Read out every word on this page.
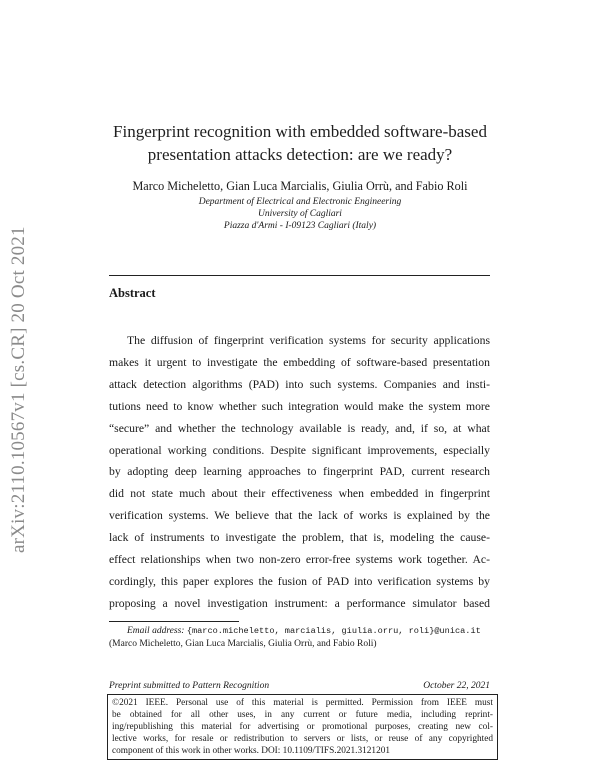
arXiv:2110.10567v1 [cs.CR] 20 Oct 2021
Fingerprint recognition with embedded software-based
presentation attacks detection: are we ready?
Marco Micheletto, Gian Luca Marcialis, Giulia Orrù, and Fabio Roli
Department of Electrical and Electronic Engineering
University of Cagliari
Piazza d'Armi - I-09123 Cagliari (Italy)
Abstract
The diffusion of fingerprint verification systems for security applications
makes it urgent to investigate the embedding of software-based presentation
attack detection algorithms (PAD) into such systems. Companies and insti-
tutions need to know whether such integration would make the system more
“secure” and whether the technology available is ready, and, if so, at what
operational working conditions. Despite significant improvements, especially
by adopting deep learning approaches to fingerprint PAD, current research
did not state much about their effectiveness when embedded in fingerprint
verification systems. We believe that the lack of works is explained by the
lack of instruments to investigate the problem, that is, modeling the cause-
effect relationships when two non-zero error-free systems work together. Ac-
cordingly, this paper explores the fusion of PAD into verification systems by
proposing a novel investigation instrument: a performance simulator based
Email address: {marco.micheletto, marcialis, giulia.orru, roli}@unica.it
(Marco Micheletto, Gian Luca Marcialis, Giulia Orrù, and Fabio Roli)
Preprint submitted to Pattern Recognition	October 22, 2021
©2021 IEEE. Personal use of this material is permitted. Permission from IEEE must
be obtained for all other uses, in any current or future media, including reprint-
ing/republishing this material for advertising or promotional purposes, creating new col-
lective works, for resale or redistribution to servers or lists, or reuse of any copyrighted
component of this work in other works. DOI: 10.1109/TIFS.2021.3121201
